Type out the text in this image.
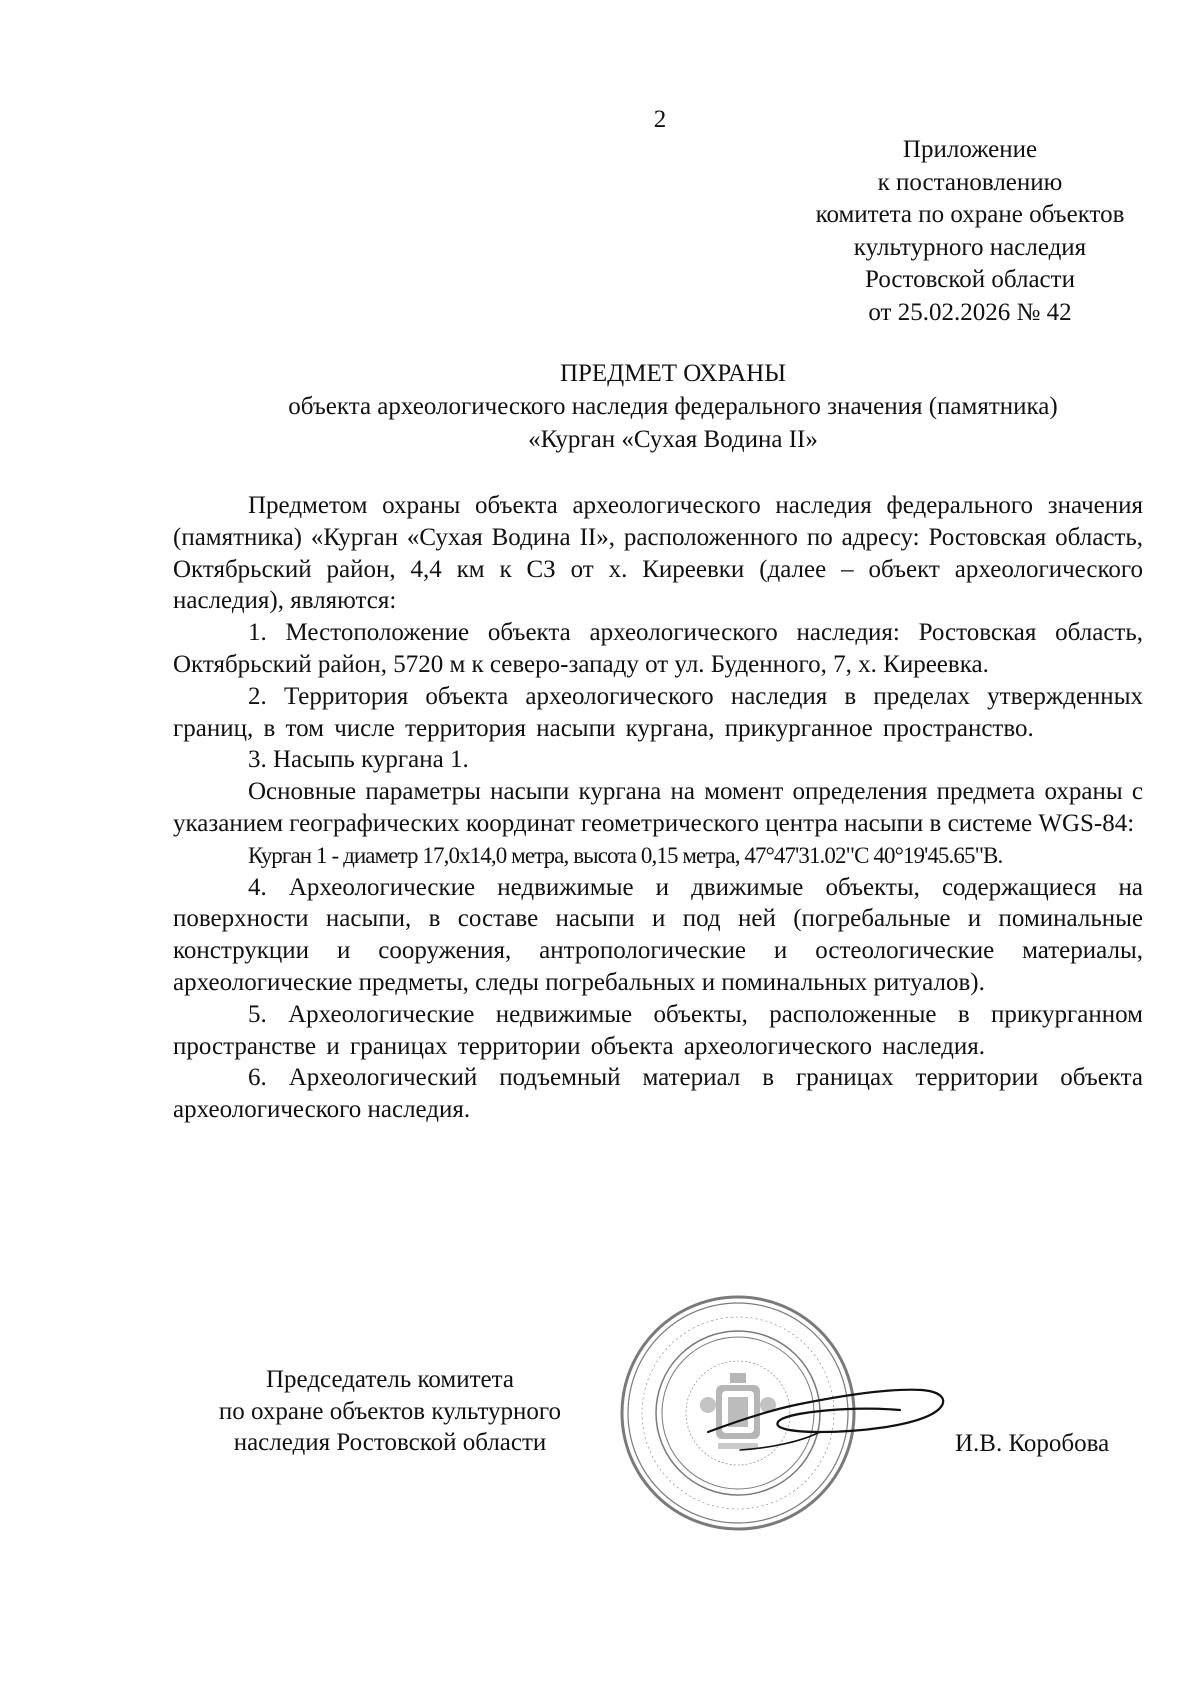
2
Приложение
к постановлению
комитета по охране объектов
культурного наследия
Ростовской области
от 25.02.2026 № 42
ПРЕДМЕТ ОХРАНЫ
объекта археологического наследия федерального значения (памятника)
«Курган «Сухая Водина II»

Предметом охраны объекта археологического наследия федерального значения (памятника) «Курган «Сухая Водина II», расположенного по адресу: Ростовская область, Октябрьский район, 4,4 км к СЗ от х. Киреевки (далее – объект археологического наследия), являются:

1. Местоположение объекта археологического наследия: Ростовская область, Октябрьский район, 5720 м к северо-западу от ул. Буденного, 7, х. Киреевка.

2. Территория объекта археологического наследия в пределах утвержденных границ, в том числе территория насыпи кургана, прикурганное пространство.

3. Насыпь кургана 1.

Основные параметры насыпи кургана на момент определения предмета охраны с указанием географических координат геометрического центра насыпи в системе WGS-84:

Курган 1 - диаметр 17,0х14,0 метра, высота 0,15 метра, 47°47'31.02"С 40°19'45.65"В.

4. Археологические недвижимые и движимые объекты, содержащиеся на поверхности насыпи, в составе насыпи и под ней (погребальные и поминальные конструкции и сооружения, антропологические и остеологические материалы, археологические предметы, следы погребальных и поминальных ритуалов).

5. Археологические недвижимые объекты, расположенные в прикурганном пространстве и границах территории объекта археологического наследия.

6. Археологический подъемный материал в границах территории объекта археологического наследия.

Председатель комитета
по охране объектов культурного
наследия Ростовской области	И.В. Коробова
